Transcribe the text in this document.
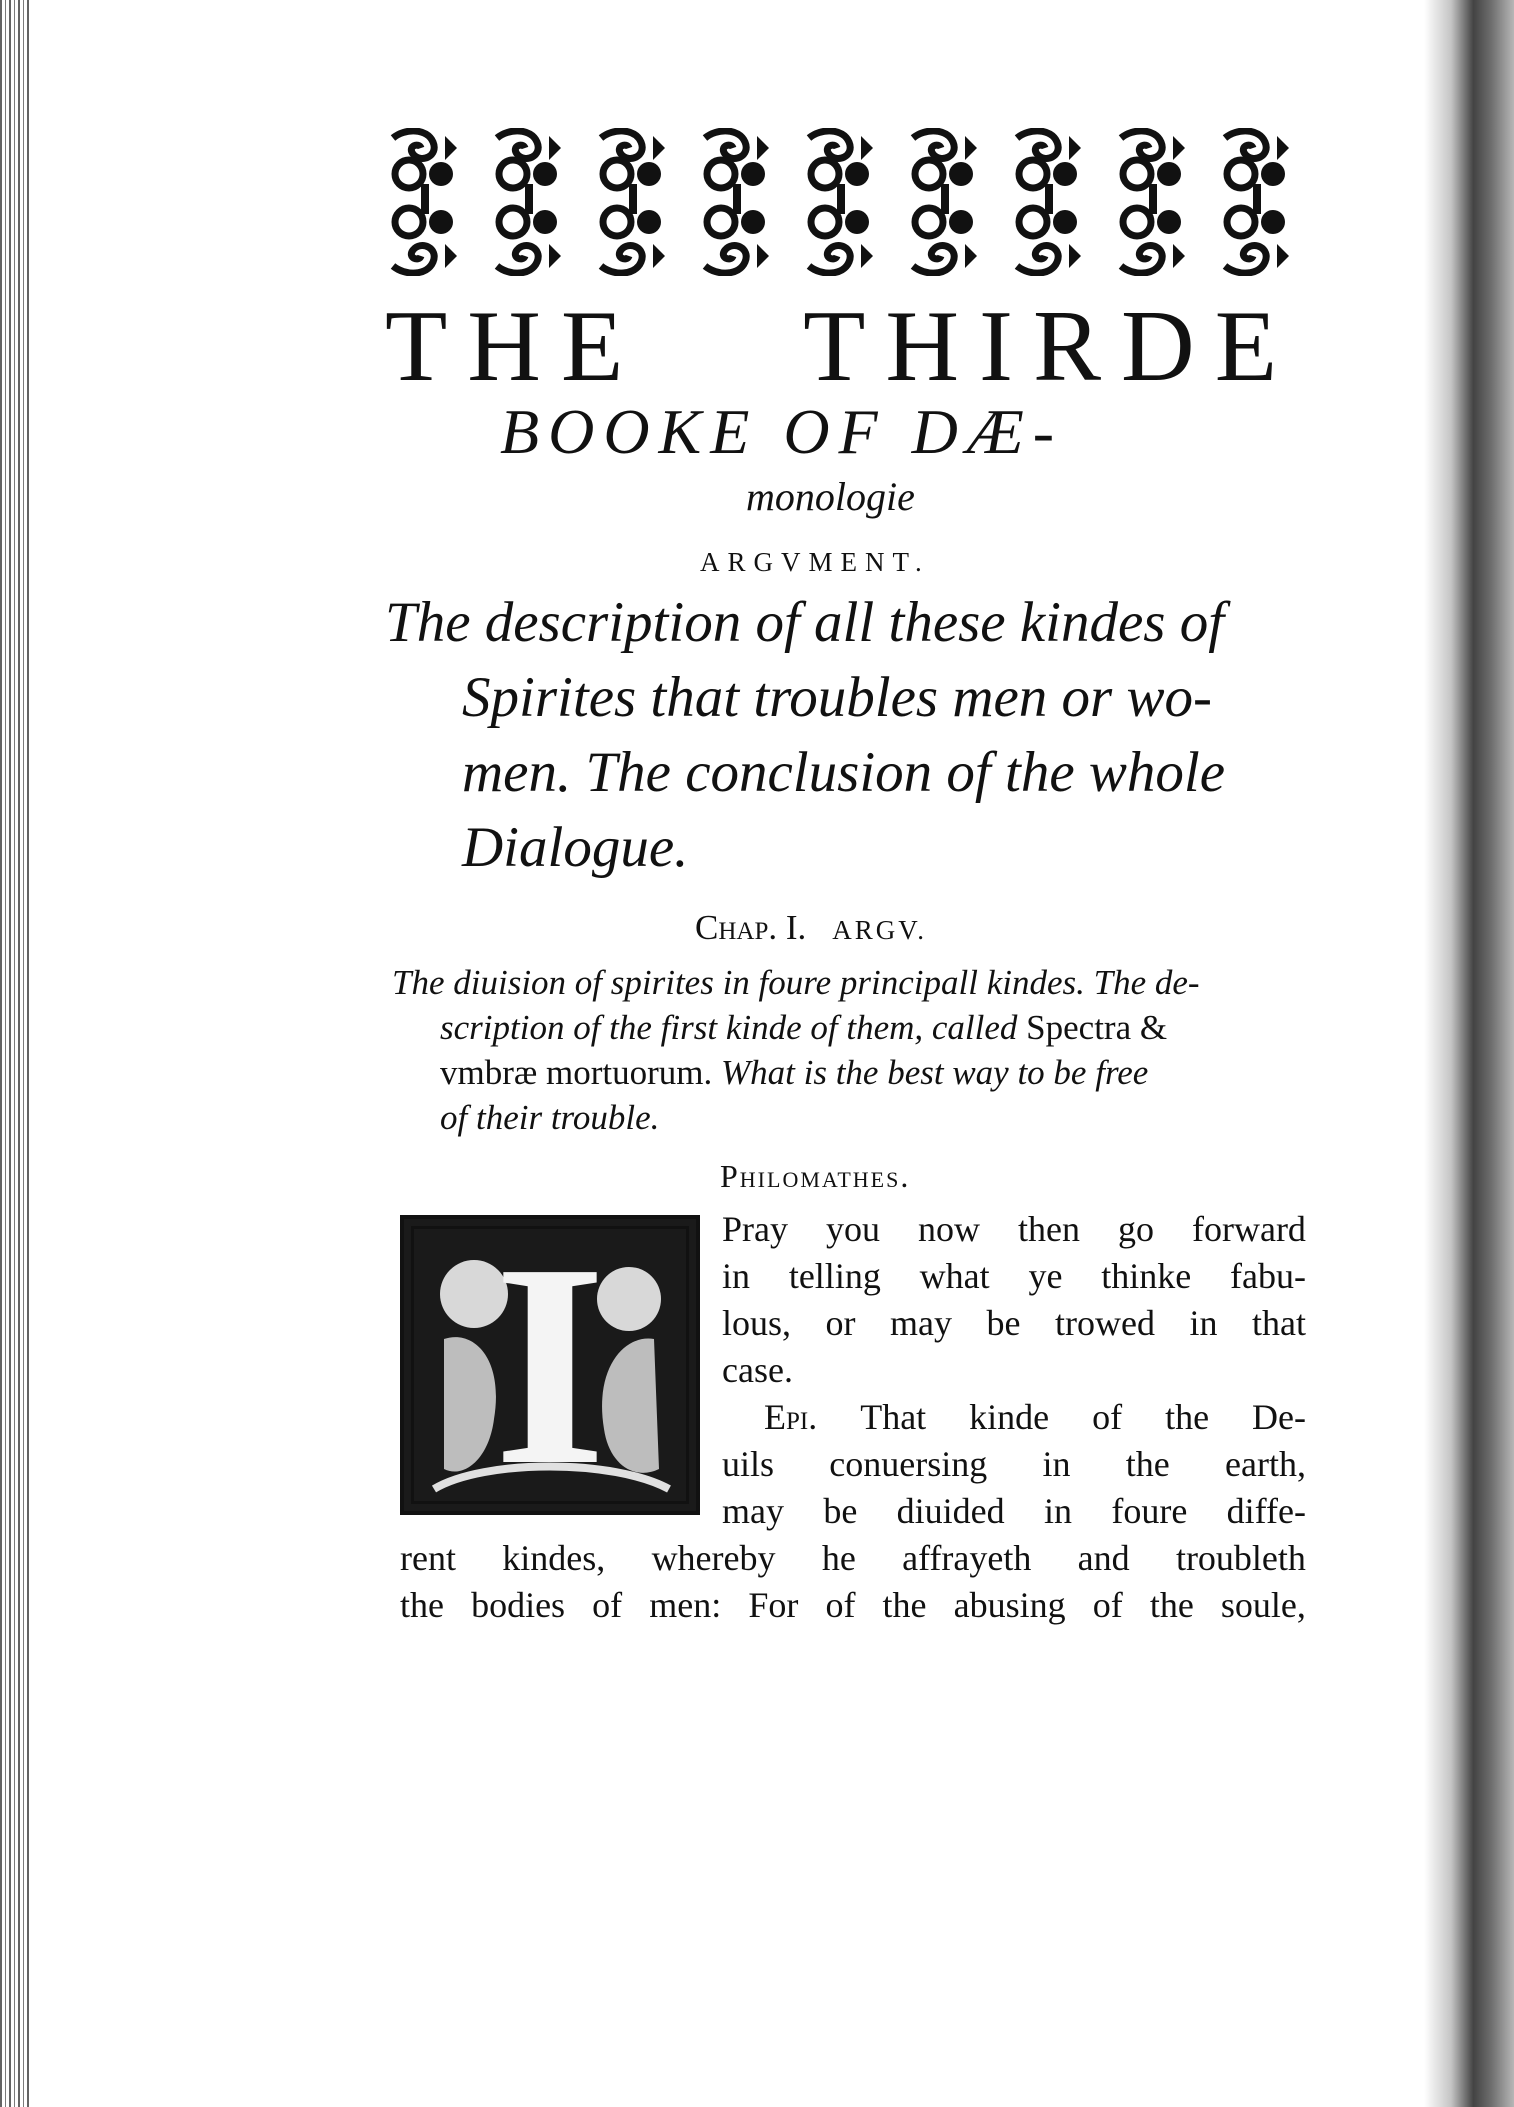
THE THIRDE
BOOKE OF DÆ-
monologie
ARGVMENT.
The description of all these kindes of
Spirites that troubles men or wo-
men. The conclusion of the whole
Dialogue.
Chap. I. ARGV.
The diuision of spirites in foure principall kindes. The de-
scription of the first kinde of them, called Spectra &
vmbræ mortuorum. What is the best way to be free
of their trouble.
Philomathes.
I	Pray you now then go forward
in telling what ye thinke fabu-
lous, or may be trowed in that
case.
Epi. That kinde of the De-
uils conuersing in the earth,
may be diuided in foure diffe-
rent kindes, whereby he affrayeth and troubleth
the bodies of men: For of the abusing of the soule,
